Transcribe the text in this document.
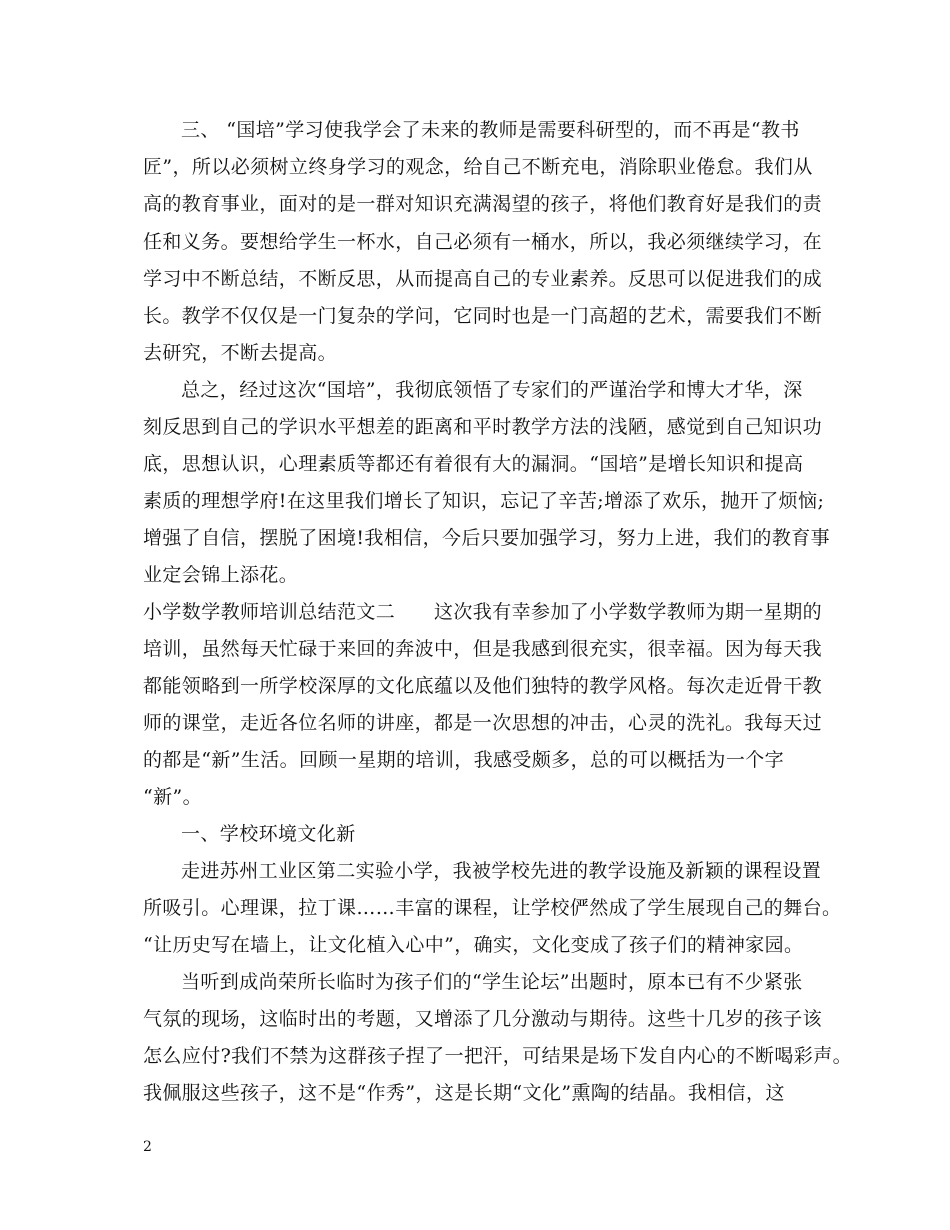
三、 “国培”学习使我学会了未来的教师是需要科研型的，而不再是“教书
匠”，所以必须树立终身学习的观念，给自己不断充电，消除职业倦怠。我们从
高的教育事业，面对的是一群对知识充满渴望的孩子，将他们教育好是我们的责
任和义务。要想给学生一杯水，自己必须有一桶水，所以，我必须继续学习，在
学习中不断总结，不断反思，从而提高自己的专业素养。反思可以促进我们的成
长。教学不仅仅是一门复杂的学问，它同时也是一门高超的艺术，需要我们不断
去研究，不断去提高。
总之，经过这次“国培”，我彻底领悟了专家们的严谨治学和博大才华，深
刻反思到自己的学识水平想差的距离和平时教学方法的浅陋，感觉到自己知识功
底，思想认识，心理素质等都还有着很有大的漏洞。“国培”是增长知识和提高
素质的理想学府!在这里我们增长了知识，忘记了辛苦;增添了欢乐，抛开了烦恼;
增强了自信，摆脱了困境!我相信，今后只要加强学习，努力上进，我们的教育事
业定会锦上添花。
小学数学教师培训总结范文二　　这次我有幸参加了小学数学教师为期一星期的
培训，虽然每天忙碌于来回的奔波中，但是我感到很充实，很幸福。因为每天我
都能领略到一所学校深厚的文化底蕴以及他们独特的教学风格。每次走近骨干教
师的课堂，走近各位名师的讲座，都是一次思想的冲击，心灵的洗礼。我每天过
的都是“新”生活。回顾一星期的培训，我感受颇多，总的可以概括为一个字
“新”。
一、学校环境文化新
走进苏州工业区第二实验小学，我被学校先进的教学设施及新颖的课程设置
所吸引。心理课，拉丁课……丰富的课程，让学校俨然成了学生展现自己的舞台。
“让历史写在墙上，让文化植入心中”，确实，文化变成了孩子们的精神家园。
当听到成尚荣所长临时为孩子们的“学生论坛”出题时，原本已有不少紧张
气氛的现场，这临时出的考题，又增添了几分激动与期待。这些十几岁的孩子该
怎么应付?我们不禁为这群孩子捏了一把汗，可结果是场下发自内心的不断喝彩声。
我佩服这些孩子，这不是“作秀”，这是长期“文化”熏陶的结晶。我相信，这
2
